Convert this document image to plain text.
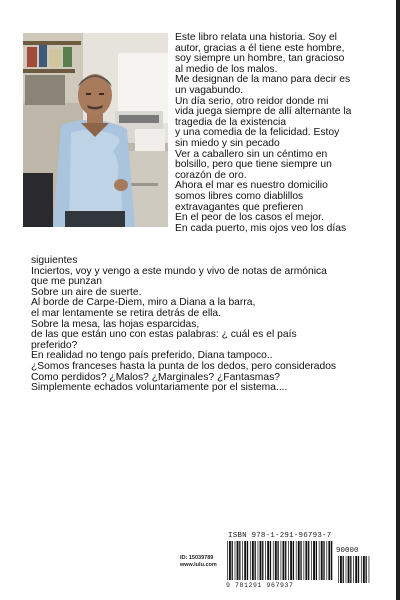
Este libro relata una historia. Soy el
autor, gracias a él tiene este hombre,
soy siempre un hombre, tan gracioso
al medio de los malos.
Me designan de la mano para decir es
un vagabundo.
Un día serio, otro reidor donde mi
vida juega siempre de allí alternante la
tragedia de la existencia
y una comedia de la felicidad. Estoy
sin miedo y sin pecado
Ver a caballero sin un céntimo en
bolsillo, pero que tiene siempre un
corazón de oro.
Ahora el mar es nuestro domicilio
somos libres como diablillos
extravagantes que prefieren
En el peor de los casos el mejor.
En cada puerto, mis ojos veo los días

siguientes
Inciertos, voy y vengo a este mundo y vivo de notas de armónica
que me punzan
Sobre un aire de suerte.
Al borde de Carpe-Diem, miro a Diana a la barra,
el mar lentamente se retira detrás de ella.
Sobre la mesa, las hojas esparcidas,
de las que están uno con estas palabras: ¿ cuál es el país
preferido?
En realidad no tengo país preferido, Diana tampoco..
¿Somos franceses hasta la punta de los dedos, pero considerados
Como perdidos? ¿Malos? ¿Marginales? ¿Fantasmas?
Simplemente echados voluntariamente por el sistema....

ID: 15039789
www.lulu.com
ISBN 978-1-291-96793-7
90000
9 781291 967937
